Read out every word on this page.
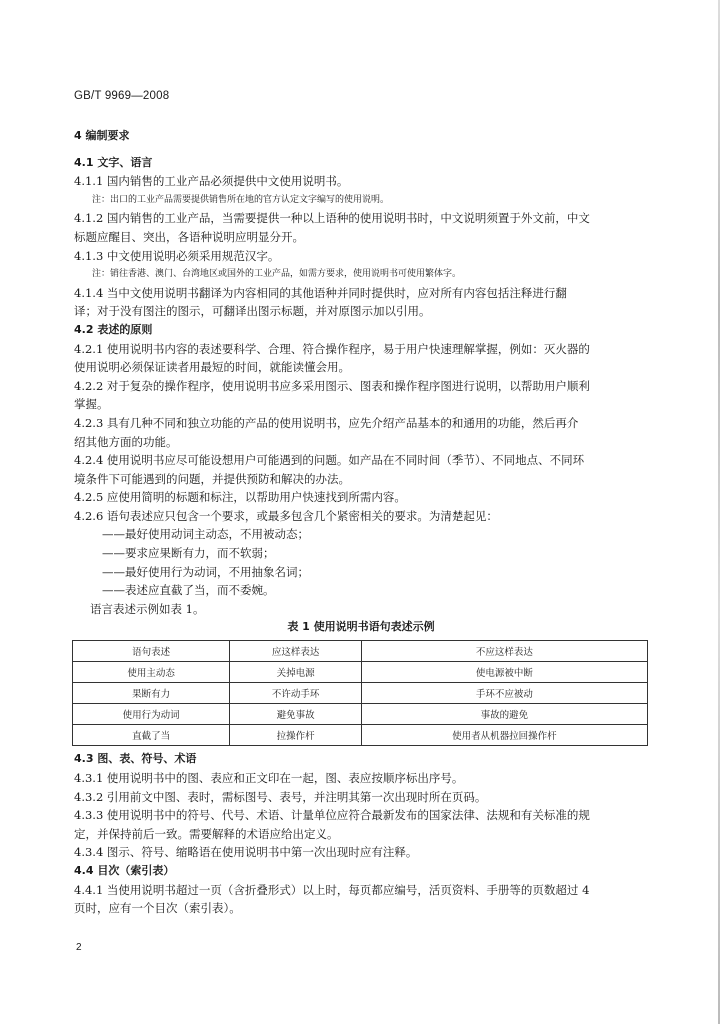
GB/T 9969—2008
4 编制要求
4.1 文字、语言
4.1.1 国内销售的工业产品必须提供中文使用说明书。
注：出口的工业产品需要提供销售所在地的官方认定文字编写的使用说明。
4.1.2 国内销售的工业产品，当需要提供一种以上语种的使用说明书时，中文说明须置于外文前，中文
标题应醒目、突出，各语种说明应明显分开。
4.1.3 中文使用说明必须采用规范汉字。
注：销往香港、澳门、台湾地区或国外的工业产品，如需方要求，使用说明书可使用繁体字。
4.1.4 当中文使用说明书翻译为内容相同的其他语种并同时提供时，应对所有内容包括注释进行翻
译；对于没有图注的图示，可翻译出图示标题，并对原图示加以引用。
4.2 表述的原则
4.2.1 使用说明书内容的表述要科学、合理、符合操作程序，易于用户快速理解掌握，例如：灭火器的
使用说明必须保证读者用最短的时间，就能读懂会用。
4.2.2 对于复杂的操作程序，使用说明书应多采用图示、图表和操作程序图进行说明，以帮助用户顺利
掌握。
4.2.3 具有几种不同和独立功能的产品的使用说明书，应先介绍产品基本的和通用的功能，然后再介
绍其他方面的功能。
4.2.4 使用说明书应尽可能设想用户可能遇到的问题。如产品在不同时间（季节）、不同地点、不同环
境条件下可能遇到的问题，并提供预防和解决的办法。
4.2.5 应使用简明的标题和标注，以帮助用户快速找到所需内容。
4.2.6 语句表述应只包含一个要求，或最多包含几个紧密相关的要求。为清楚起见：
——最好使用动词主动态，不用被动态；
——要求应果断有力，而不软弱；
——最好使用行为动词，不用抽象名词；
——表述应直截了当，而不委婉。
语言表述示例如表 1。
表 1 使用说明书语句表述示例
语句表述	应这样表达	不应这样表达
使用主动态	关掉电源	使电源被中断
果断有力	不许动手环	手环不应被动
使用行为动词	避免事故	事故的避免
直截了当	拉操作杆	使用者从机器拉回操作杆
4.3 图、表、符号、术语
4.3.1 使用说明书中的图、表应和正文印在一起，图、表应按顺序标出序号。
4.3.2 引用前文中图、表时，需标图号、表号，并注明其第一次出现时所在页码。
4.3.3 使用说明书中的符号、代号、术语、计量单位应符合最新发布的国家法律、法规和有关标准的规
定，并保持前后一致。需要解释的术语应给出定义。
4.3.4 图示、符号、缩略语在使用说明书中第一次出现时应有注释。
4.4 目次（索引表）
4.4.1 当使用说明书超过一页（含折叠形式）以上时，每页都应编号，活页资料、手册等的页数超过 4
页时，应有一个目次（索引表）。
2
